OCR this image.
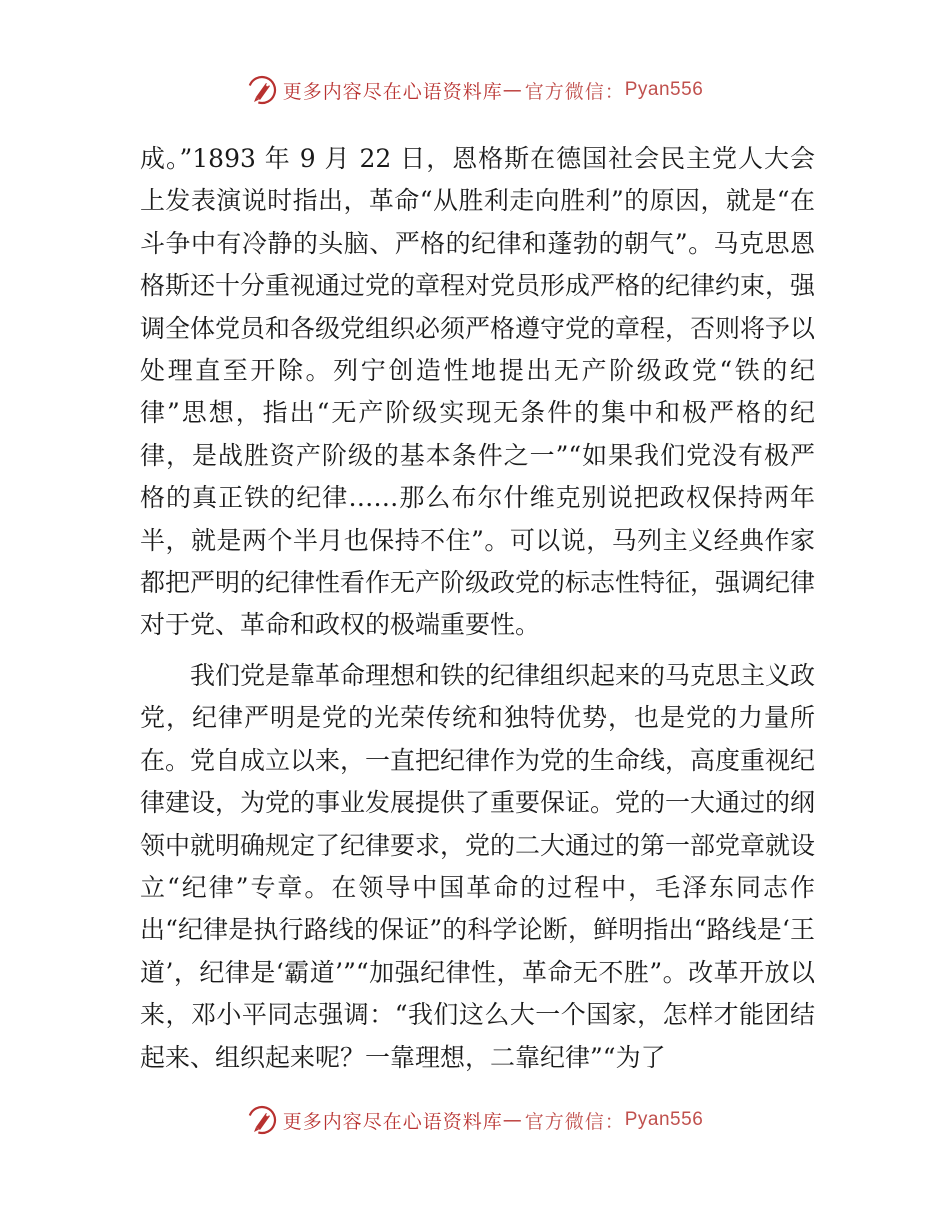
更多内容尽在心语资料库 — 官方微信： Pyan556

成。”1893 年 9 月 22 日，恩格斯在德国社会民主党人大会上发表演说时指出，革命“从胜利走向胜利”的原因，就是“在斗争中有冷静的头脑、严格的纪律和蓬勃的朝气”。马克思恩格斯还十分重视通过党的章程对党员形成严格的纪律约束，强调全体党员和各级党组织必须严格遵守党的章程，否则将予以处理直至开除。列宁创造性地提出无产阶级政党“铁的纪律”思想，指出“无产阶级实现无条件的集中和极严格的纪律，是战胜资产阶级的基本条件之一”“如果我们党没有极严格的真正铁的纪律……那么布尔什维克别说把政权保持两年半，就是两个半月也保持不住”。可以说，马列主义经典作家都把严明的纪律性看作无产阶级政党的标志性特征，强调纪律对于党、革命和政权的极端重要性。

我们党是靠革命理想和铁的纪律组织起来的马克思主义政党，纪律严明是党的光荣传统和独特优势，也是党的力量所在。党自成立以来，一直把纪律作为党的生命线，高度重视纪律建设，为党的事业发展提供了重要保证。党的一大通过的纲领中就明确规定了纪律要求，党的二大通过的第一部党章就设立“纪律”专章。在领导中国革命的过程中，毛泽东同志作出“纪律是执行路线的保证”的科学论断，鲜明指出“路线是‘王道’，纪律是‘霸道’”“加强纪律性，革命无不胜”。改革开放以来，邓小平同志强调：“我们这么大一个国家，怎样才能团结起来、组织起来呢？一靠理想，二靠纪律”“为了

更多内容尽在心语资料库 — 官方微信： Pyan556
